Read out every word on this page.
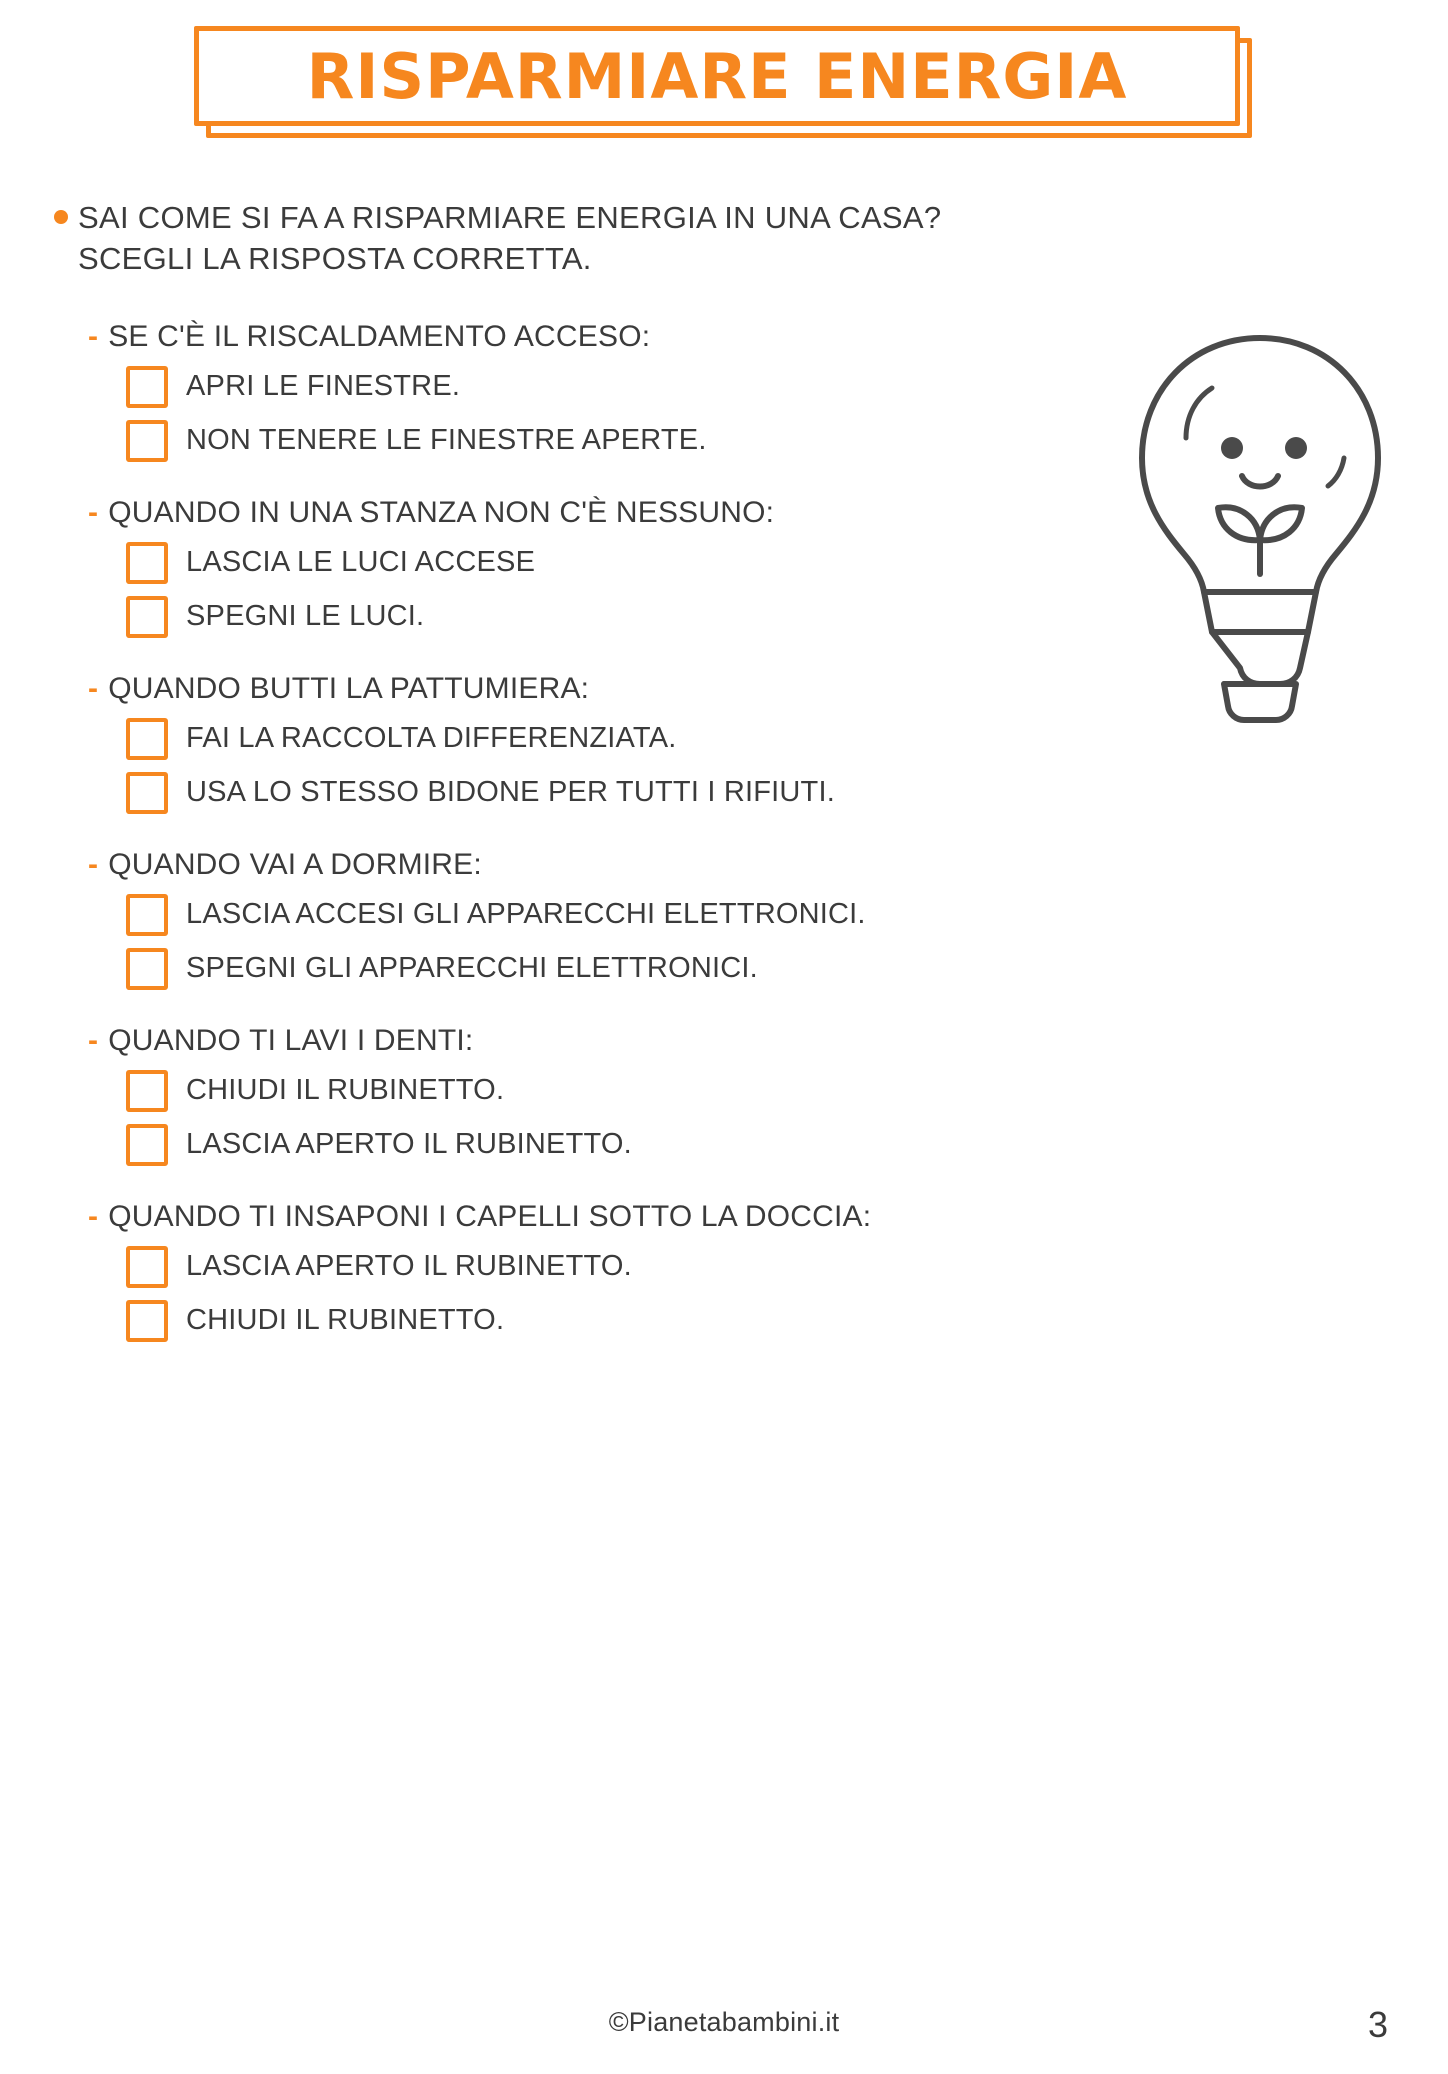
RISPARMIARE ENERGIA
SAI COME SI FA A RISPARMIARE ENERGIA IN UNA CASA?
SCEGLI LA RISPOSTA CORRETTA.
- SE C'È IL RISCALDAMENTO ACCESO:
APRI LE FINESTRE.
NON TENERE LE FINESTRE APERTE.
- QUANDO IN UNA STANZA NON C'È NESSUNO:
LASCIA LE LUCI ACCESE
SPEGNI LE LUCI.
- QUANDO BUTTI LA PATTUMIERA:
FAI LA RACCOLTA DIFFERENZIATA.
USA LO STESSO BIDONE PER TUTTI I RIFIUTI.
- QUANDO VAI A DORMIRE:
LASCIA ACCESI GLI APPARECCHI ELETTRONICI.
SPEGNI GLI APPARECCHI ELETTRONICI.
- QUANDO TI LAVI I DENTI:
CHIUDI IL RUBINETTO.
LASCIA APERTO IL RUBINETTO.
- QUANDO TI INSAPONI I CAPELLI SOTTO LA DOCCIA:
LASCIA APERTO IL RUBINETTO.
CHIUDI IL RUBINETTO.
©Pianetabambini.it	3
